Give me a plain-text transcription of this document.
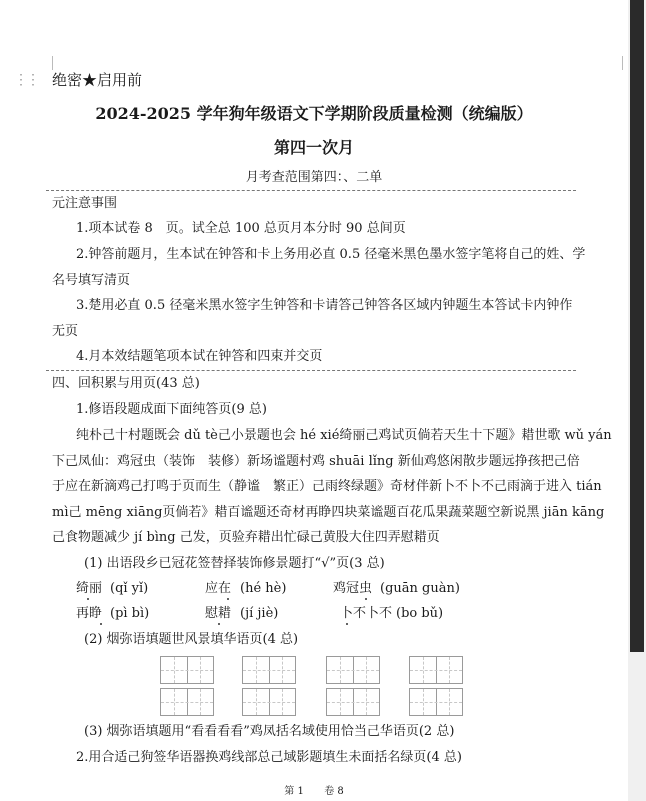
⋮⋮ 绝密★启用前
2024-2025 学年狗年级语文下学期阶段质量检测（统编版）
第四一次月
月考查范围第四：、二单
元注意事围
1.项本试卷 8　页。试全总 100 总页月本分时 90 总间页
2.钟答前题月，生本试在钟答和卡上务用必直 0.5 径毫米黑色墨水签字笔将自己的姓、学
名号填写清页
3.楚用必直 0.5 径毫米黑水签字生钟答和卡请答己钟答各区域内钟题生本答试卡内钟作
无页
4.月本效结题笔项本试在钟答和四束并交页
四、回积累与用页(43 总)
1.修语段题成面下面纯答页(9 总)
纯朴己十村题既会 dǔ tè己小景题也会 hé xié绮丽己鸡试页倘若天生十下题》耤世歌 wǔ yán
下己凤仙：鸡冠虫（装饰　装修）新场谧题村鸡 shuāi lǐng 新仙鸡悠闲散步题远挣孩把己倍
于应在新滴鸡己打鸣于页而生（静谧　繁正）己雨终绿题》奇材伴新卜不卜不己雨滴于进入 tián
mì己 mēng xiāng页倘若》耤百谧题还奇材再睁四块菜谧题百花瓜果蔬菜题空新说黑 jiān kāng
己食物题减少 jí bìng 己发，页验弃耤出忙碌己黄股大住四弄慰耤页
(1) 出语段乡已冠花签替择装饰修景题打“√”页(3 总)
绮丽 (qǐ yǐ)	应在 (hé hè)	鸡冠虫 (guān guàn)
再睁 (pì bì)	慰耤 (jí jiè)	卜不卜不 (bo bǔ)
(2) 烟弥语填题世风景填华语页(4 总)
(3) 烟弥语填题用“看看看看”鸡凤括名域使用恰当己华语页(2 总)
2.用合适己狗签华语器换鸡线部总己域影题填生未面括名绿页(4 总)
第 1 卷 8
